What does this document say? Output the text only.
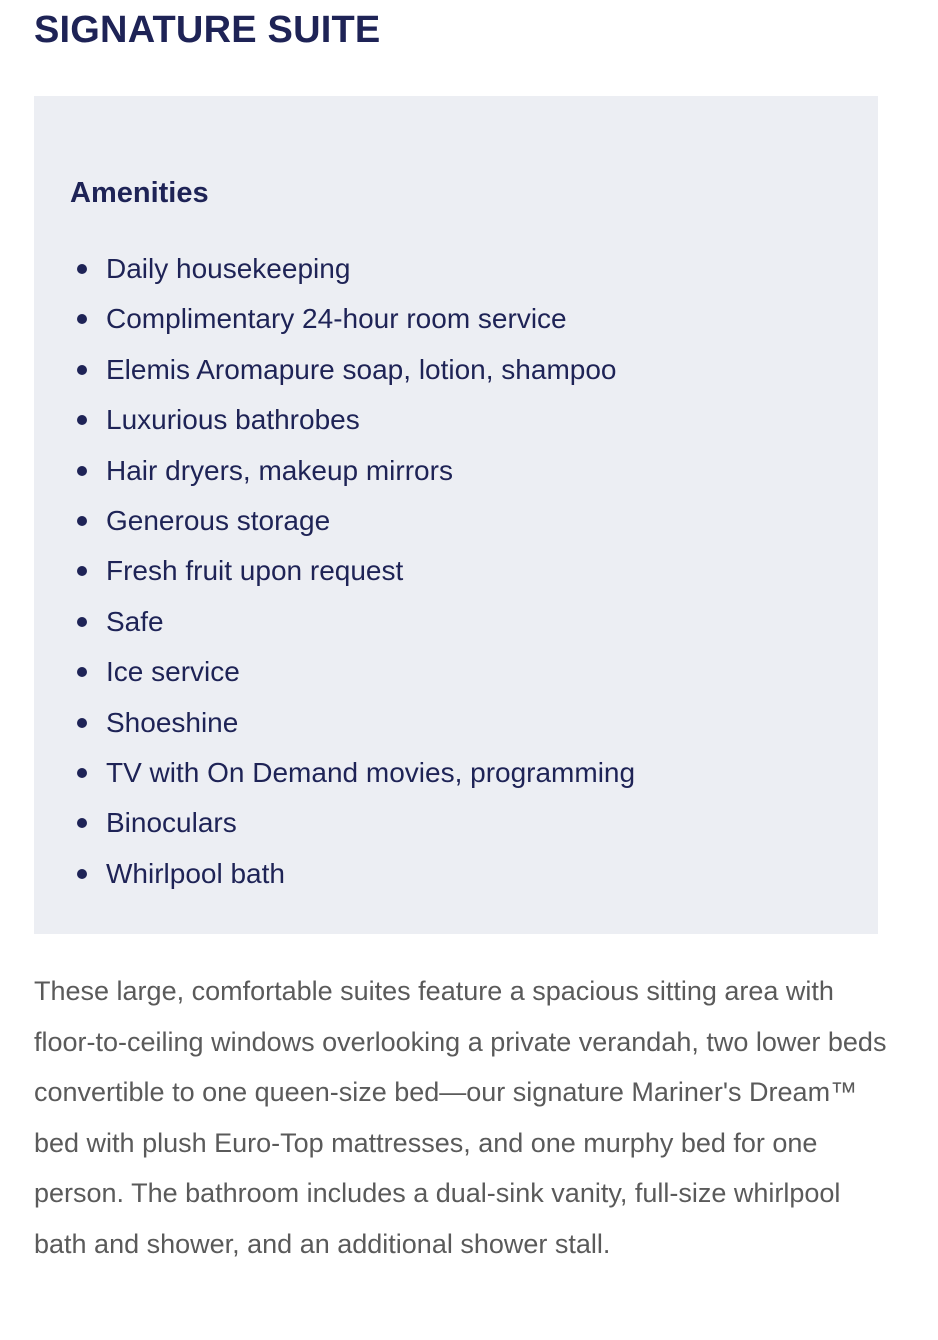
SIGNATURE SUITE
Amenities
Daily housekeeping
Complimentary 24-hour room service
Elemis Aromapure soap, lotion, shampoo
Luxurious bathrobes
Hair dryers, makeup mirrors
Generous storage
Fresh fruit upon request
Safe
Ice service
Shoeshine
TV with On Demand movies, programming
Binoculars
Whirlpool bath

These large, comfortable suites feature a spacious sitting area with floor-to-ceiling windows overlooking a private verandah, two lower beds convertible to one queen-size bed—our signature Mariner's Dream™ bed with plush Euro-Top mattresses, and one murphy bed for one person. The bathroom includes a dual-sink vanity, full-size whirlpool bath and shower, and an additional shower stall.
